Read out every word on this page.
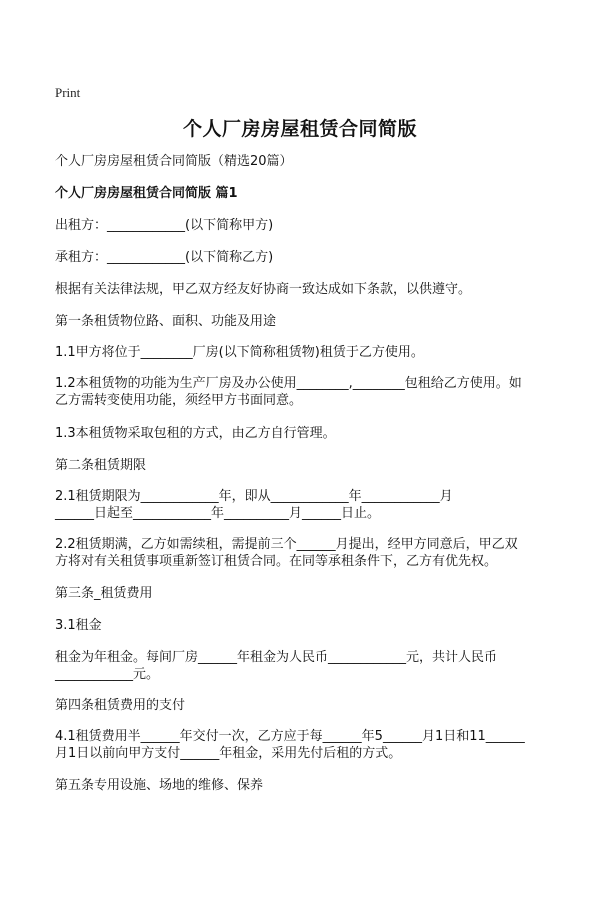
Print
个人厂房房屋租赁合同简版
个人厂房房屋租赁合同简版（精选20篇）
个人厂房房屋租赁合同简版 篇1
出租方：____________(以下简称甲方)
承租方：____________(以下简称乙方)
根据有关法律法规，甲乙双方经友好协商一致达成如下条款，以供遵守。
第一条租赁物位路、面积、功能及用途
1.1甲方将位于________厂房(以下简称租赁物)租赁于乙方使用。
1.2本租赁物的功能为生产厂房及办公使用________,________包租给乙方使用。如
乙方需转变使用功能，须经甲方书面同意。
1.3本租赁物采取包租的方式，由乙方自行管理。
第二条租赁期限
2.1租赁期限为____________年，即从____________年____________月
______日起至____________年__________月______日止。
2.2租赁期满，乙方如需续租，需提前三个______月提出，经甲方同意后，甲乙双
方将对有关租赁事项重新签订租赁合同。在同等承租条件下，乙方有优先权。
第三条_租赁费用
3.1租金
租金为年租金。每间厂房______年租金为人民币____________元，共计人民币
____________元。
第四条租赁费用的支付
4.1租赁费用半______年交付一次，乙方应于每______年5______月1日和11______
月1日以前向甲方支付______年租金，采用先付后租的方式。
第五条专用设施、场地的维修、保养
